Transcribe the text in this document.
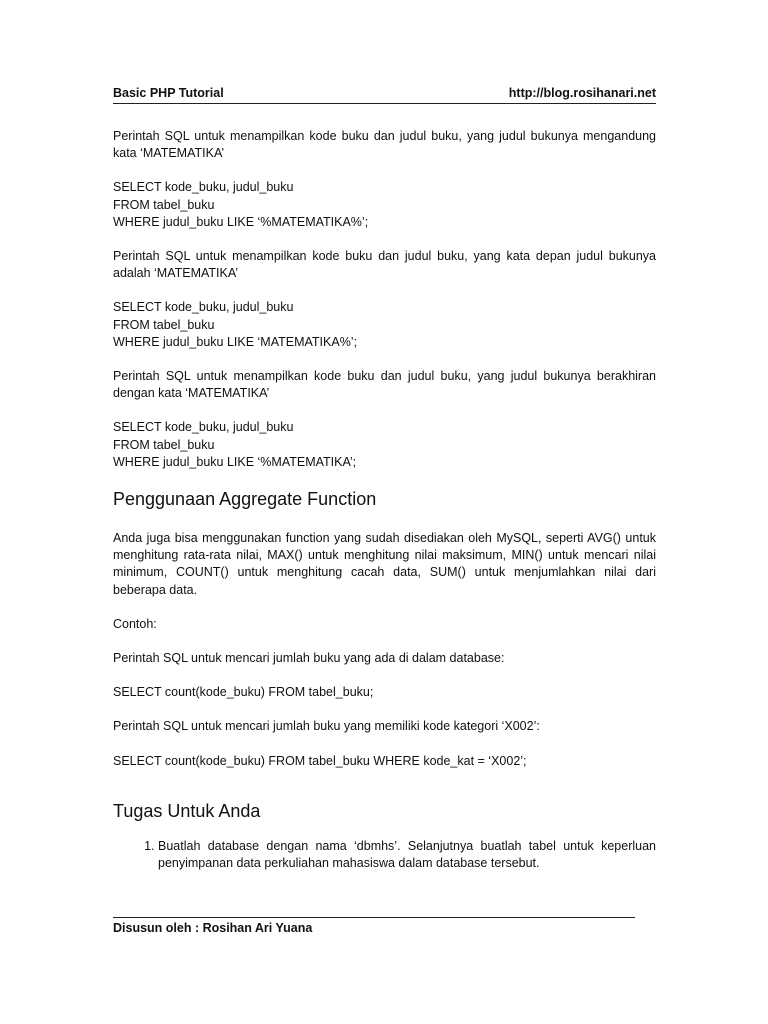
Basic PHP Tutorial	http://blog.rosihanari.net

Perintah SQL untuk menampilkan kode buku dan judul buku, yang judul bukunya mengandung kata ‘MATEMATIKA’

SELECT kode_buku, judul_buku
FROM tabel_buku
WHERE judul_buku LIKE ‘%MATEMATIKA%’;

Perintah SQL untuk menampilkan kode buku dan judul buku, yang kata depan judul bukunya adalah ‘MATEMATIKA’

SELECT kode_buku, judul_buku
FROM tabel_buku
WHERE judul_buku LIKE ‘MATEMATIKA%’;

Perintah SQL untuk menampilkan kode buku dan judul buku, yang judul bukunya berakhiran dengan kata ‘MATEMATIKA’

SELECT kode_buku, judul_buku
FROM tabel_buku
WHERE judul_buku LIKE ‘%MATEMATIKA’;
Penggunaan Aggregate Function

Anda juga bisa menggunakan function yang sudah disediakan oleh MySQL, seperti AVG() untuk menghitung rata-rata nilai, MAX() untuk menghitung nilai maksimum, MIN() untuk mencari nilai minimum, COUNT() untuk menghitung cacah data, SUM() untuk menjumlahkan nilai dari beberapa data.

Contoh:

Perintah SQL untuk mencari jumlah buku yang ada di dalam database:

SELECT count(kode_buku) FROM tabel_buku;

Perintah SQL untuk mencari jumlah buku yang memiliki kode kategori ‘X002’:

SELECT count(kode_buku) FROM tabel_buku WHERE kode_kat = ‘X002’;

Tugas Untuk Anda
1. Buatlah database dengan nama ‘dbmhs’. Selanjutnya buatlah tabel untuk keperluan penyimpanan data perkuliahan mahasiswa dalam database tersebut.
Disusun oleh : Rosihan Ari Yuana
